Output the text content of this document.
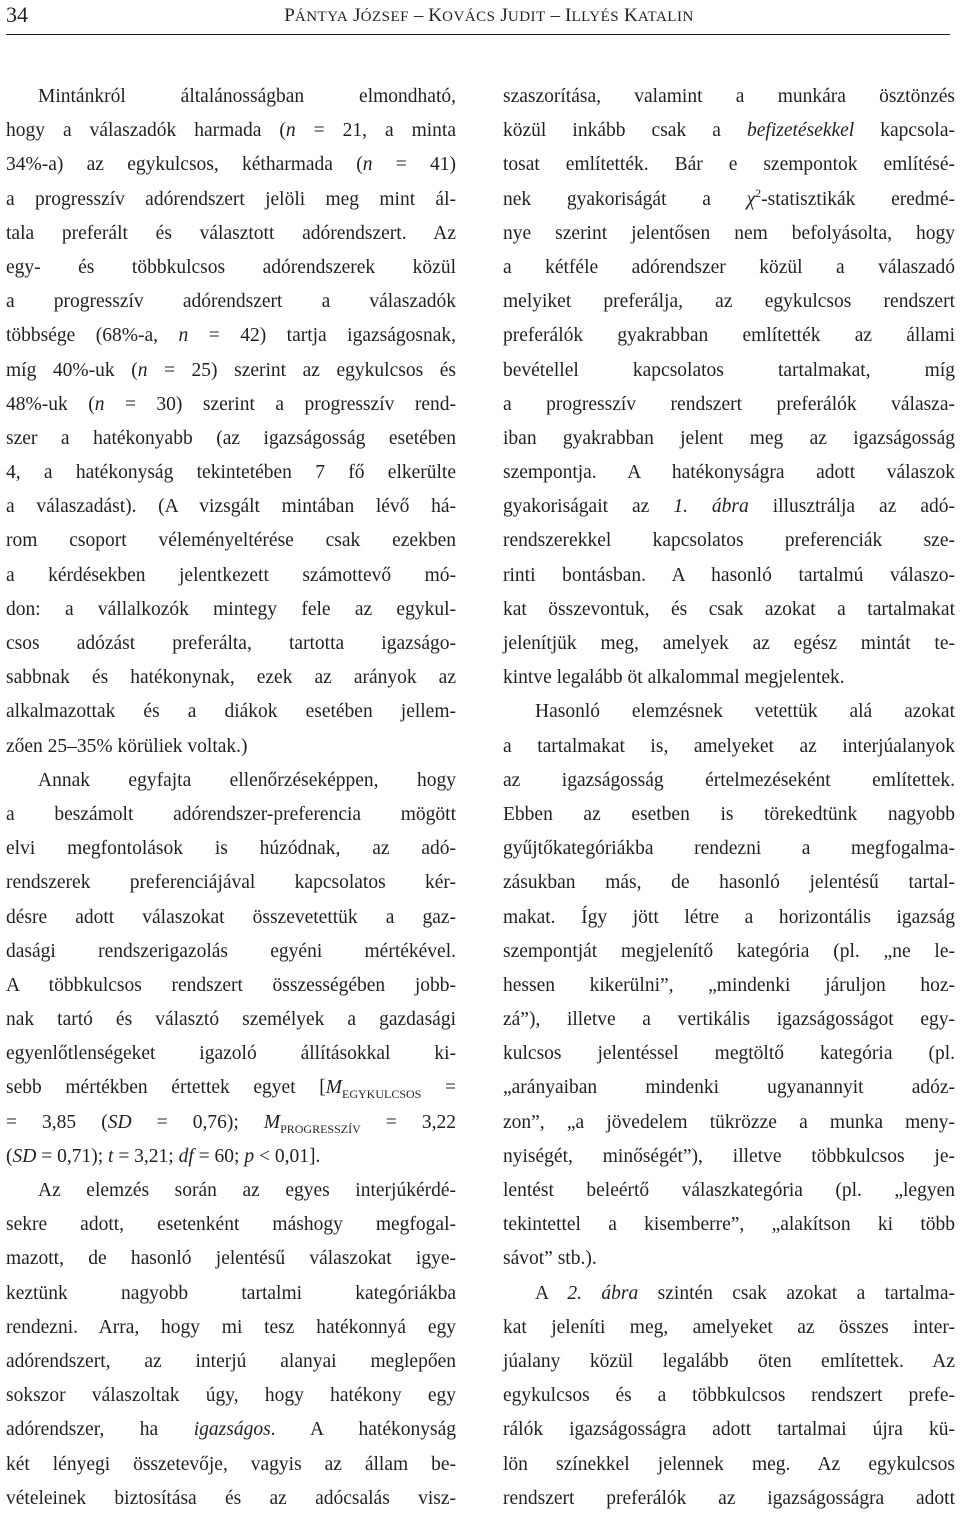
34	PÁNTYA JÓZSEF – KOVÁCS JUDIT – ILLYÉS KATALIN
Mintánkról általánosságban elmondható,
hogy a válaszadók harmada (n = 21, a minta
34%-a) az egykulcsos, kétharmada (n = 41)
a progresszív adórendszert jelöli meg mint ál-
tala preferált és választott adórendszert. Az
egy- és többkulcsos adórendszerek közül
a progresszív adórendszert a válaszadók
többsége (68%-a, n = 42) tartja igazságosnak,
míg 40%-uk (n = 25) szerint az egykulcsos és
48%-uk (n = 30) szerint a progresszív rend-
szer a hatékonyabb (az igazságosság esetében
4, a hatékonyság tekintetében 7 fő elkerülte
a válaszadást). (A vizsgált mintában lévő há-
rom csoport véleményeltérése csak ezekben
a kérdésekben jelentkezett számottevő mó-
don: a vállalkozók mintegy fele az egykul-
csos adózást preferálta, tartotta igazságo-
sabbnak és hatékonynak, ezek az arányok az
alkalmazottak és a diákok esetében jellem-
zően 25–35% körüliek voltak.)
Annak egyfajta ellenőrzéseképpen, hogy
a beszámolt adórendszer-preferencia mögött
elvi megfontolások is húzódnak, az adó-
rendszerek preferenciájával kapcsolatos kér-
désre adott válaszokat összevetettük a gaz-
dasági rendszerigazolás egyéni mértékével.
A többkulcsos rendszert összességében jobb-
nak tartó és választó személyek a gazdasági
egyenlőtlenségeket igazoló állításokkal ki-
sebb mértékben értettek egyet [$M_{EGYKULCSOS}$ =
= 3,85 (SD = 0,76); $M_{PROGRESSZÍV} = 3,22$
(SD = 0,71); t = 3,21; df = 60; p < 0,01].
Az elemzés során az egyes interjúkérdé-
sekre adott, esetenként máshogy megfogal-
mazott, de hasonló jelentésű válaszokat igye-
keztünk nagyobb tartalmi kategóriákba
rendezni. Arra, hogy mi tesz hatékonnyá egy
adórendszert, az interjú alanyai meglepően
sokszor válaszoltak úgy, hogy hatékony egy
adórendszer, ha igazságos. A hatékonyság
két lényegi összetevője, vagyis az állam be-
vételeinek biztosítása és az adócsalás visz-
szaszorítása, valamint a munkára ösztönzés
közül inkább csak a befizetésekkel kapcsola-
tosat említették. Bár e szempontok említésé-
nek gyakoriságát a $\chi^2$-statisztikák eredmé-
nye szerint jelentősen nem befolyásolta, hogy
a kétféle adórendszer közül a válaszadó
melyiket preferálja, az egykulcsos rendszert
preferálók gyakrabban említették az állami
bevétellel kapcsolatos tartalmakat, míg
a progresszív rendszert preferálók válasza-
iban gyakrabban jelent meg az igazságosság
szempontja. A hatékonyságra adott válaszok
gyakoriságait az 1. ábra illusztrálja az adó-
rendszerekkel kapcsolatos preferenciák sze-
rinti bontásban. A hasonló tartalmú válaszo-
kat összevontuk, és csak azokat a tartalmakat
jelenítjük meg, amelyek az egész mintát te-
kintve legalább öt alkalommal megjelentek.
Hasonló elemzésnek vetettük alá azokat
a tartalmakat is, amelyeket az interjúalanyok
az igazságosság értelmezéseként említettek.
Ebben az esetben is törekedtünk nagyobb
gyűjtőkategóriákba rendezni a megfogalma-
zásukban más, de hasonló jelentésű tartal-
makat. Így jött létre a horizontális igazság
szempontját megjelenítő kategória (pl. „ne le-
hessen kikerülni”, „mindenki járuljon hoz-
zá”), illetve a vertikális igazságosságot egy-
kulcsos jelentéssel megtöltő kategória (pl.
„arányaiban mindenki ugyanannyit adóz-
zon”, „a jövedelem tükrözze a munka meny-
nyiségét, minőségét”), illetve többkulcsos je-
lentést beleértő válaszkategória (pl. „legyen
tekintettel a kisemberre”, „alakítson ki több
sávot” stb.).
A 2. ábra szintén csak azokat a tartalma-
kat jeleníti meg, amelyeket az összes inter-
júalany közül legalább öten említettek. Az
egykulcsos és a többkulcsos rendszert prefe-
rálók igazságosságra adott tartalmai újra kü-
lön színekkel jelennek meg. Az egykulcsos
rendszert preferálók az igazságosságra adott
